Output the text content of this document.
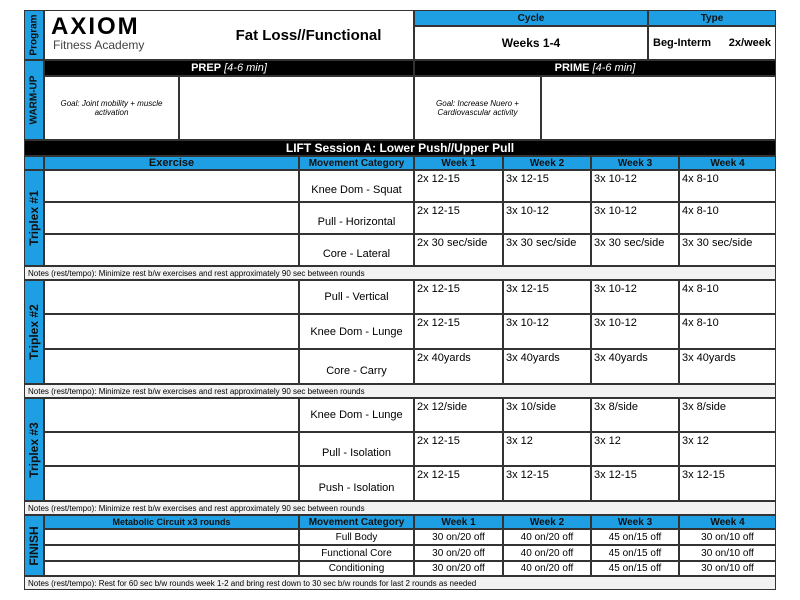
Program AXIOM
Fitness Academy
Fat Loss//Functional
Cycle	Type
Weeks 1-4	Beg-Interm 2x/week
WARM-UP
PREP
[4-6 min]	PRIME
[4-6 min]
Goal: Joint mobility + muscle activation
Goal: Increase Nuero + Cardiovascular activity
LIFT Session A: Lower Push//Upper Pull
Exercise	Movement Category	Week 1	Week 2	Week 3	Week 4
Triplex #1
Knee Dom - Squat
2x 12-15	3x 12-15	3x 10-12	4x 8-10
Pull - Horizontal
2x 12-15	3x 10-12	3x 10-12	4x 8-10
Core - Lateral
2x 30 sec/side	3x 30 sec/side	3x 30 sec/side	3x 30 sec/side
Notes (rest/tempo): Minimize rest b/w exercises and rest approximately 90 sec between rounds
Triplex #2
Pull - Vertical
2x 12-15	3x 12-15	3x 10-12	4x 8-10
Knee Dom - Lunge
2x 12-15	3x 10-12	3x 10-12	4x 8-10
Core - Carry
2x 40yards	3x 40yards	3x 40yards	3x 40yards
Notes (rest/tempo): Minimize rest b/w exercises and rest approximately 90 sec between rounds
Triplex #3
Knee Dom - Lunge
2x 12/side	3x 10/side	3x 8/side	3x 8/side
Pull - Isolation
2x 12-15	3x 12	3x 12	3x 12
Push - Isolation
2x 12-15	3x 12-15	3x 12-15	3x 12-15
Notes (rest/tempo): Minimize rest b/w exercises and rest approximately 90 sec between rounds
FINISH
Metabolic Circuit x3 rounds	Movement Category	Week 1	Week 2	Week 3	Week 4
Full Body	30 on/20 off	40 on/20 off	45 on/15 off	30 on/10 off
Functional Core	30 on/20 off	40 on/20 off	45 on/15 off	30 on/10 off
Conditioning	30 on/20 off	40 on/20 off	45 on/15 off	30 on/10 off
Notes (rest/tempo): Rest for 60 sec b/w rounds week 1-2 and bring rest down to 30 sec b/w rounds for last 2 rounds as needed
